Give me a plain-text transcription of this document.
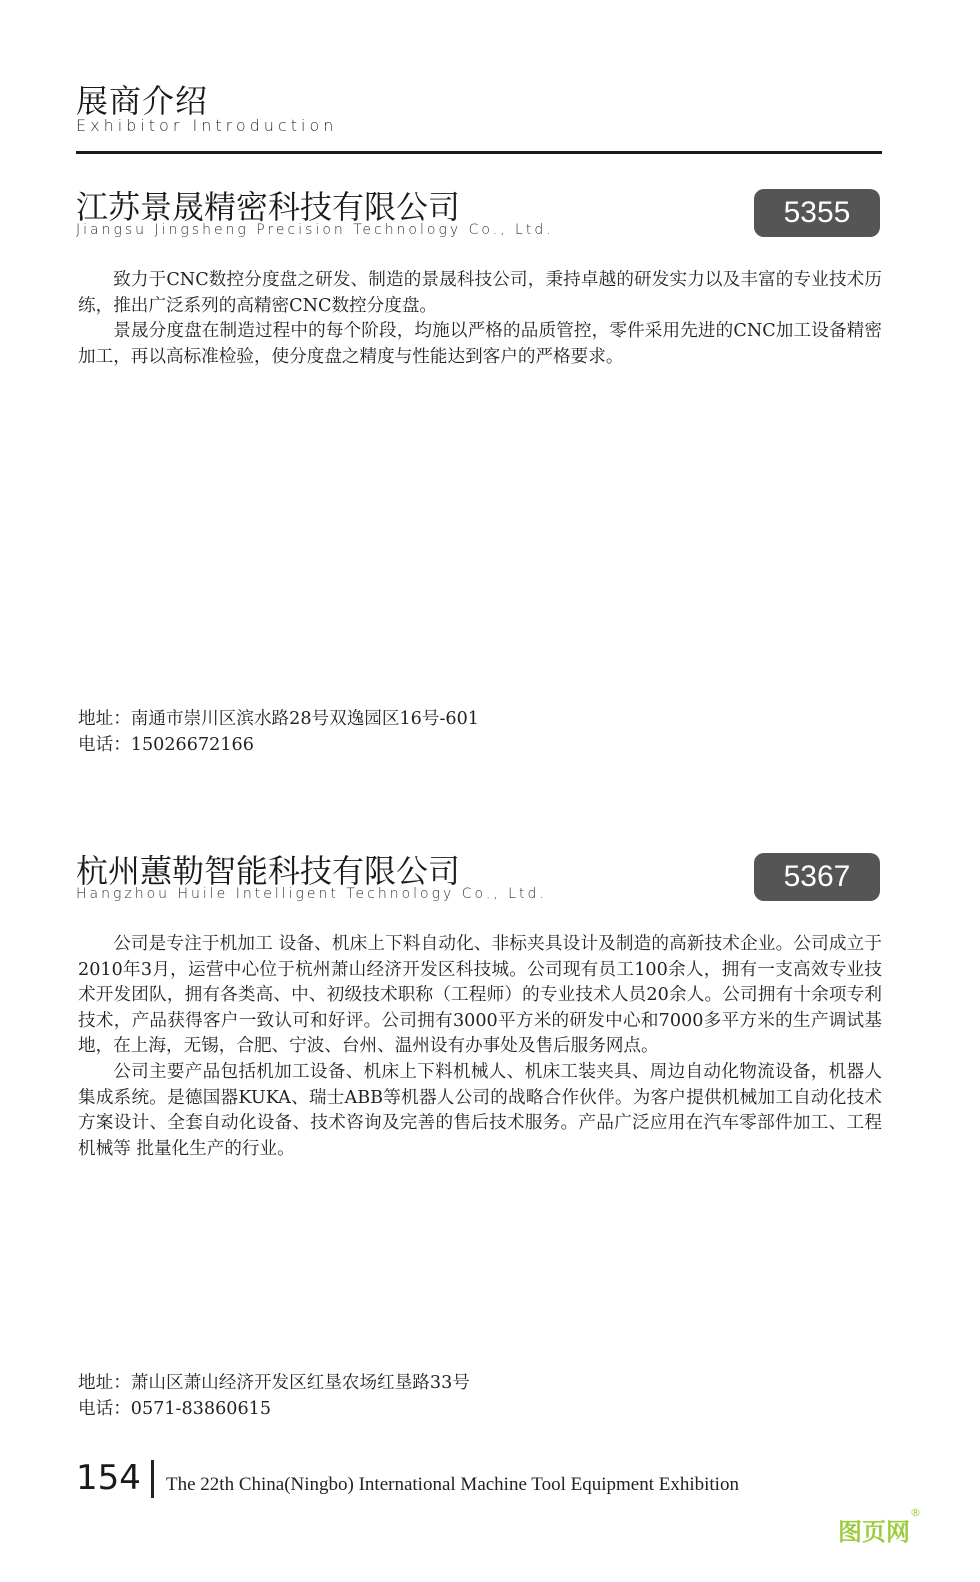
展商介绍
Exhibitor Introduction
江苏景晟精密科技有限公司
Jiangsu Jingsheng Precision Technology Co., Ltd.
5355

致力于CNC数控分度盘之研发、制造的景晟科技公司，秉持卓越的研发实力以及丰富的专业技术历练，推出广泛系列的高精密CNC数控分度盘。

景晟分度盘在制造过程中的每个阶段，均施以严格的品质管控，零件采用先进的CNC加工设备精密加工，再以高标准检验，使分度盘之精度与性能达到客户的严格要求。

地址：南通市崇川区滨水路28号双逸园区16号-601
电话：15026672166
杭州蕙勒智能科技有限公司
Hangzhou Huile Intelligent Technology Co., Ltd.
5367

公司是专注于机加工 设备、机床上下料自动化、非标夹具设计及制造的高新技术企业。公司成立于2010年3月，运营中心位于杭州萧山经济开发区科技城。公司现有员工100余人，拥有一支高效专业技术开发团队，拥有各类高、中、初级技术职称（工程师）的专业技术人员20余人。公司拥有十余项专利技术，产品获得客户一致认可和好评。公司拥有3000平方米的研发中心和7000多平方米的生产调试基地，在上海，无锡，合肥、宁波、台州、温州设有办事处及售后服务网点。

公司主要产品包括机加工设备、机床上下料机械人、机床工装夹具、周边自动化物流设备，机器人集成系统。是德国器KUKA、瑞士ABB等机器人公司的战略合作伙伴。为客户提供机械加工自动化技术方案设计、全套自动化设备、技术咨询及完善的售后技术服务。产品广泛应用在汽车零部件加工、工程机械等 批量化生产的行业。

地址：萧山区萧山经济开发区红垦农场红垦路33号
电话：0571-83860615
154 The 22th China(Ningbo) International Machine Tool Equipment Exhibition
图页网
®
